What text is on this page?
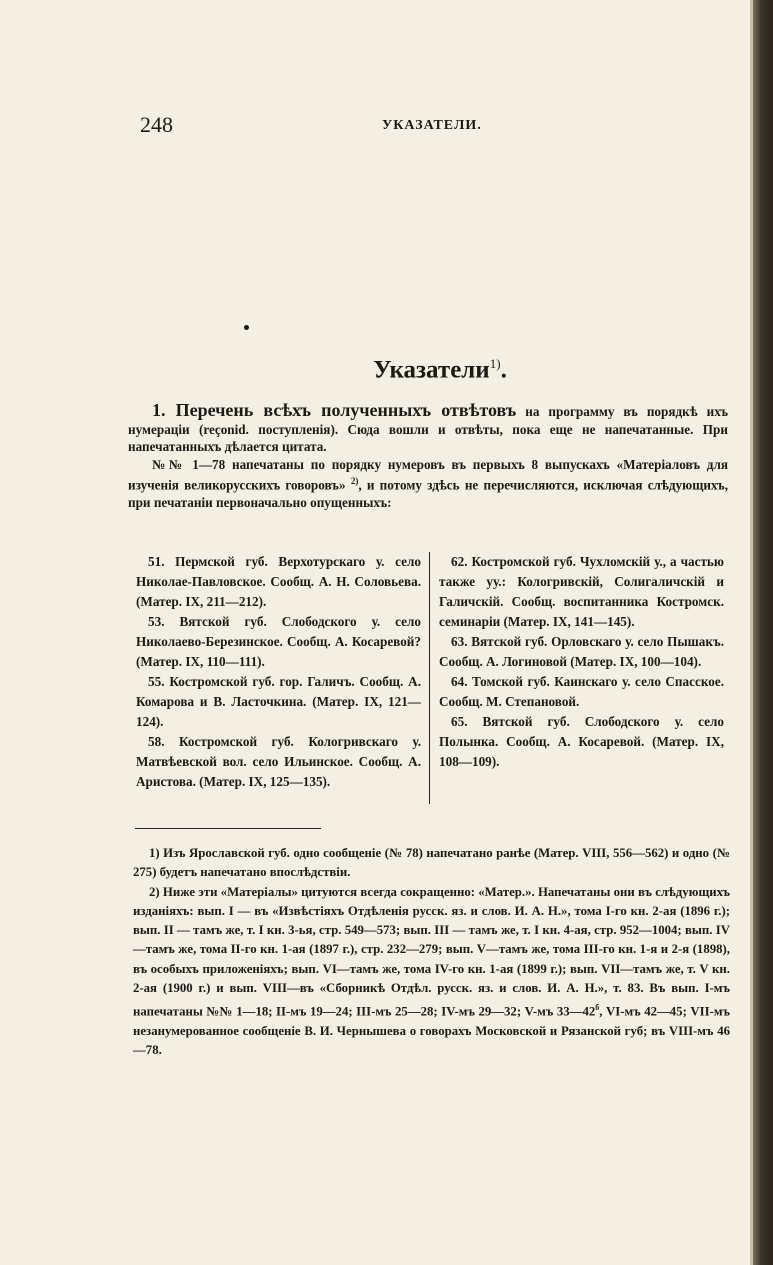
248	УКАЗАТЕЛИ.
Указатели$^{1)}$.

1. Перечень всѣхъ полученныхъ отвѣтовъ на программу въ порядкѣ ихъ нумераціи (reçonid. поступленія). Сюда вошли и отвѣты, пока еще не напечатанные. При напечатанныхъ дѣлается цитата.

№№ 1—78 напечатаны по порядку нумеровъ въ первыхъ 8 выпускахъ «Матеріаловъ для изученія великорусскихъ говоровъ» $^{2)}$, и потому здѣсь не перечисляются, исключая слѣдующихъ, при печатаніи первоначально опущенныхъ:

51. Пермской губ. Верхотурскаго у. село Николае-Павловское. Сообщ. А. Н. Соловьева. (Матер. IX, 211—212).

53. Вятской губ. Слободского у. село Николаево-Березинское. Сообщ. А. Косаревой? (Матер. IX, 110—111).

55. Костромской губ. гор. Галичъ. Сообщ. А. Комарова и В. Ласточкина. (Матер. IX, 121—124).

58. Костромской губ. Кологривскаго у. Матвѣевской вол. село Ильинское. Сообщ. А. Аристова. (Матер. IX, 125—135).

62. Костромской губ. Чухломскій у., а частью также уу.: Кологривскій, Солигаличскій и Галичскій. Сообщ. воспитанника Костромск. семинаріи (Матер. IX, 141—145).

63. Вятской губ. Орловскаго у. село Пышакъ. Сообщ. А. Логиновой (Матер. IX, 100—104).

64. Томской губ. Каинскаго у. село Спасское. Сообщ. М. Степановой.

65. Вятской губ. Слободского у. село Полынка. Сообщ. А. Косаревой. (Матер. IX, 108—109).

1) Изъ Ярославской губ. одно сообщеніе (№ 78) напечатано ранѣе (Матер. VIII, 556—562) и одно (№ 275) будетъ напечатано впослѣдствіи.

2) Ниже эти «Матеріалы» цитуются всегда сокращенно: «Матер.». Напечатаны они въ слѣдующихъ изданіяхъ: вып. I — въ «Извѣстіяхъ Отдѣленія русск. яз. и слов. И. А. Н.», тома I-го кн. 2-ая (1896 г.); вып. II — тамъ же, т. I кн. 3-ья, стр. 549—573; вып. III — тамъ же, т. I кн. 4-ая, стр. 952—1004; вып. IV—тамъ же, тома II-го кн. 1-ая (1897 г.), стр. 232—279; вып. V—тамъ же, тома III-го кн. 1-я и 2-я (1898), въ особыхъ приложеніяхъ; вып. VI—тамъ же, тома IV-го кн. 1-ая (1899 г.); вып. VII—тамъ же, т. V кн. 2-ая (1900 г.) и вып. VIII—въ «Сборникѣ Отдѣл. русск. яз. и слов. И. А. Н.», т. 83. Въ вып. I-мъ напечатаны №№ 1—18; II-мъ 19—24; III-мъ 25—28; IV-мъ 29—32; V-мъ $33—42^б$, VI-мъ 42—45; VII-мъ незанумерованное сообщеніе В. И. Чернышева о говорахъ Московской и Рязанской губ; въ VIII-мъ 46—78.
